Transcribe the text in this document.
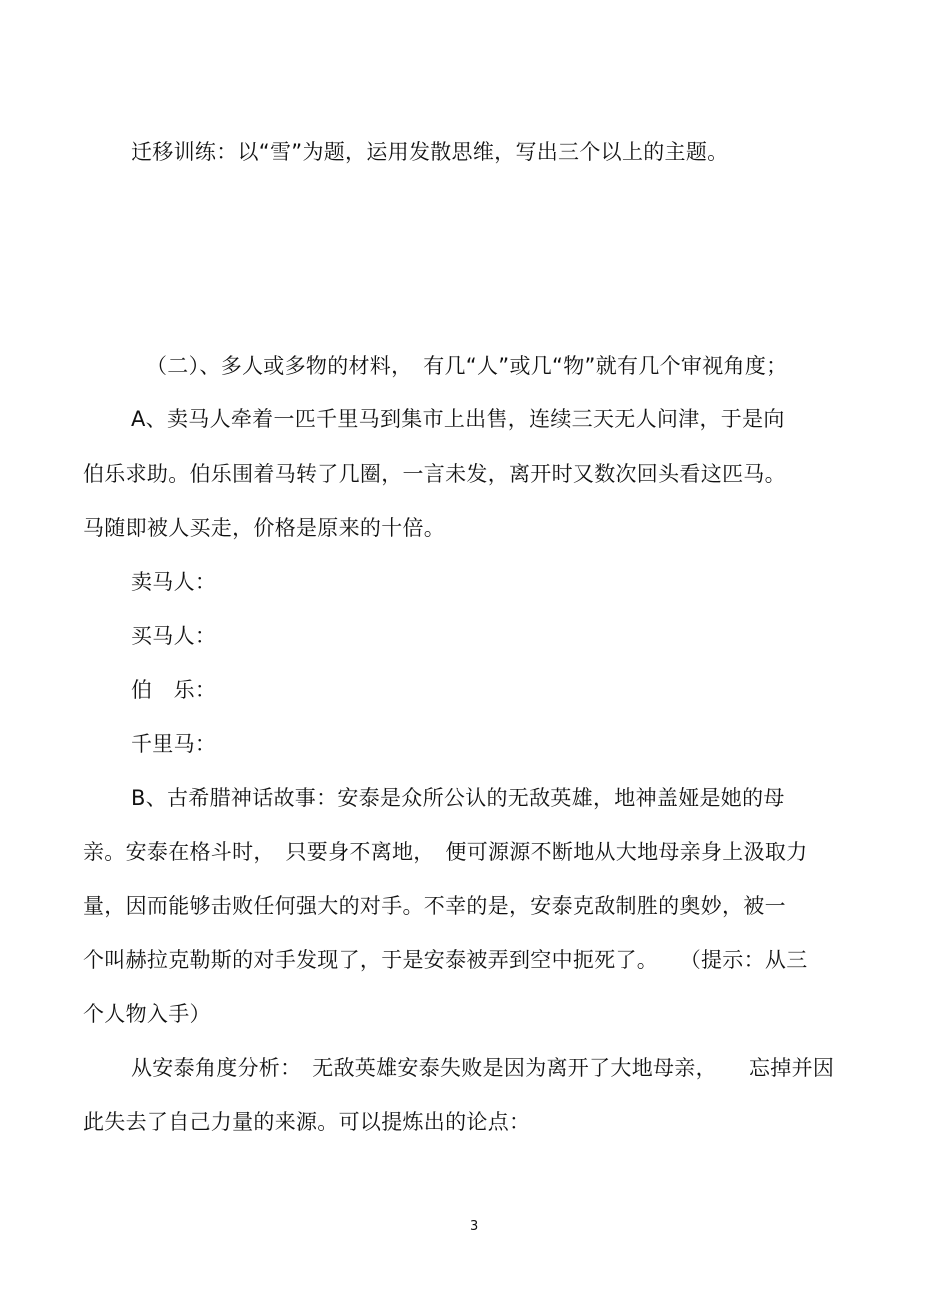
迁移训练：以“雪”为题，运用发散思维，写出三个以上的主题。
（二）、多人或多物的材料，　有几“人”或几“物”就有几个审视角度；
A、卖马人牵着一匹千里马到集市上出售，连续三天无人问津，于是向
伯乐求助。伯乐围着马转了几圈，一言未发，离开时又数次回头看这匹马。
马随即被人买走，价格是原来的十倍。
卖马人：
买马人：
伯　乐：
千里马：
B、古希腊神话故事：安泰是众所公认的无敌英雄，地神盖娅是她的母
亲。安泰在格斗时，　只要身不离地，　便可源源不断地从大地母亲身上汲取力
量，因而能够击败任何强大的对手。不幸的是，安泰克敌制胜的奥妙，被一
个叫赫拉克勒斯的对手发现了，于是安泰被弄到空中扼死了。　　（提示：从三
个人物入手）
从安泰角度分析：　无敌英雄安泰失败是因为离开了大地母亲，　　忘掉并因
此失去了自己力量的来源。可以提炼出的论点：
3
